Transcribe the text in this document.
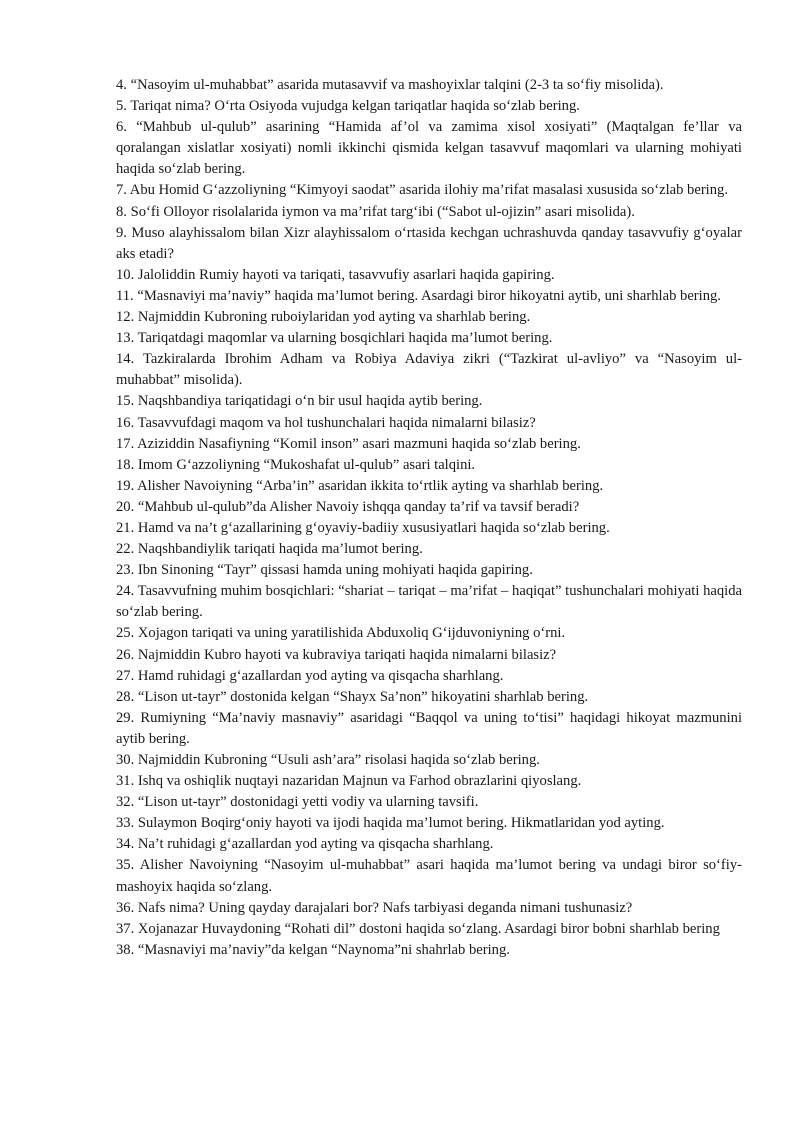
4. “Nasoyim ul-muhabbat” asarida mutasavvif va mashoyixlar talqini (2-3 ta so‘fiy misolida).

5. Tariqat nima? O‘rta Osiyoda vujudga kelgan tariqatlar haqida so‘zlab bering.

6. “Mahbub ul-qulub” asarining “Hamida af’ol va zamima xisol xosiyati” (Maqtalgan fe’llar va qoralangan xislatlar xosiyati) nomli ikkinchi qismida kelgan tasavvuf maqomlari va ularning mohiyati haqida so‘zlab bering.

7. Abu Homid G‘azzoliyning “Kimyoyi saodat” asarida ilohiy ma’rifat masalasi xususida so‘zlab bering.

8. So‘fi Olloyor risolalarida iymon va ma’rifat targ‘ibi (“Sabot ul-ojizin” asari misolida).

9. Muso alayhissalom bilan Xizr alayhissalom o‘rtasida kechgan uchrashuvda qanday tasavvufiy g‘oyalar aks etadi?

10. Jaloliddin Rumiy hayoti va tariqati, tasavvufiy asarlari haqida gapiring.

11. “Masnaviyi ma’naviy” haqida ma’lumot bering. Asardagi biror hikoyatni aytib, uni sharhlab bering.

12. Najmiddin Kubroning ruboiylaridan yod ayting va sharhlab bering.

13. Tariqatdagi maqomlar va ularning bosqichlari haqida ma’lumot bering.

14. Tazkiralarda Ibrohim Adham va Robiya Adaviya zikri (“Tazkirat ul-avliyo” va “Nasoyim ul-muhabbat” misolida).

15. Naqshbandiya tariqatidagi o‘n bir usul haqida aytib bering.

16. Tasavvufdagi maqom va hol tushunchalari haqida nimalarni bilasiz?

17. Aziziddin Nasafiyning “Komil inson” asari mazmuni haqida so‘zlab bering.

18. Imom G‘azzoliyning “Mukoshafat ul-qulub” asari talqini.

19. Alisher Navoiyning “Arba’in” asaridan ikkita to‘rtlik ayting va sharhlab bering.

20. “Mahbub ul-qulub”da Alisher Navoiy ishqqa qanday ta’rif va tavsif beradi?

21. Hamd va na’t g‘azallarining g‘oyaviy-badiiy xususiyatlari haqida so‘zlab bering.

22. Naqshbandiylik tariqati haqida ma’lumot bering.

23. Ibn Sinoning “Tayr” qissasi hamda uning mohiyati haqida gapiring.

24. Tasavvufning muhim bosqichlari: “shariat – tariqat – ma’rifat – haqiqat” tushunchalari mohiyati haqida so‘zlab bering.

25. Xojagon tariqati va uning yaratilishida Abduxoliq G‘ijduvoniyning o‘rni.

26. Najmiddin Kubro hayoti va kubraviya tariqati haqida nimalarni bilasiz?

27. Hamd ruhidagi g‘azallardan yod ayting va qisqacha sharhlang.

28. “Lison ut-tayr” dostonida kelgan “Shayx Sa’non” hikoyatini sharhlab bering.

29. Rumiyning “Ma’naviy masnaviy” asaridagi “Baqqol va uning to‘tisi” haqidagi hikoyat mazmunini aytib bering.

30. Najmiddin Kubroning “Usuli ash’ara” risolasi haqida so‘zlab bering.

31. Ishq va oshiqlik nuqtayi nazaridan Majnun va Farhod obrazlarini qiyoslang.

32. “Lison ut-tayr” dostonidagi yetti vodiy va ularning tavsifi.

33. Sulaymon Boqirg‘oniy hayoti va ijodi haqida ma’lumot bering. Hikmatlaridan yod ayting.

34. Na’t ruhidagi g‘azallardan yod ayting va qisqacha sharhlang.

35. Alisher Navoiyning “Nasoyim ul-muhabbat” asari haqida ma’lumot bering va undagi biror so‘fiy-mashoyix haqida so‘zlang.

36. Nafs nima? Uning qayday darajalari bor? Nafs tarbiyasi deganda nimani tushunasiz?

37. Xojanazar Huvaydoning “Rohati dil” dostoni haqida so‘zlang. Asardagi biror bobni sharhlab bering

38. “Masnaviyi ma’naviy”da kelgan “Naynoma”ni shahrlab bering.
